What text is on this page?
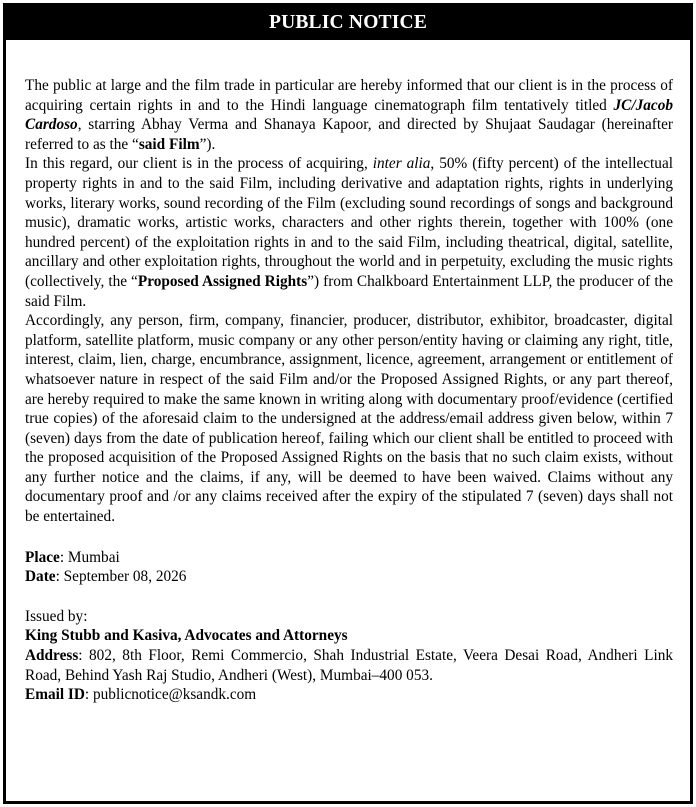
PUBLIC NOTICE

The public at large and the film trade in particular are hereby informed that our client is in the process of acquiring certain rights in and to the Hindi language cinematograph film tentatively titled JC/Jacob Cardoso, starring Abhay Verma and Shanaya Kapoor, and directed by Shujaat Saudagar (hereinafter referred to as the “said Film”).

In this regard, our client is in the process of acquiring, inter alia, 50% (fifty percent) of the intellectual property rights in and to the said Film, including derivative and adaptation rights, rights in underlying works, literary works, sound recording of the Film (excluding sound recordings of songs and background music), dramatic works, artistic works, characters and other rights therein, together with 100% (one hundred percent) of the exploitation rights in and to the said Film, including theatrical, digital, satellite, ancillary and other exploitation rights, throughout the world and in perpetuity, excluding the music rights (collectively, the “Proposed Assigned Rights”) from Chalkboard Entertainment LLP, the producer of the said Film.

Accordingly, any person, firm, company, financier, producer, distributor, exhibitor, broadcaster, digital platform, satellite platform, music company or any other person/entity having or claiming any right, title, interest, claim, lien, charge, encumbrance, assignment, licence, agreement, arrangement or entitlement of whatsoever nature in respect of the said Film and/or the Proposed Assigned Rights, or any part thereof, are hereby required to make the same known in writing along with documentary proof/evidence (certified true copies) of the aforesaid claim to the undersigned at the address/email address given below, within 7 (seven) days from the date of publication hereof, failing which our client shall be entitled to proceed with the proposed acquisition of the Proposed Assigned Rights on the basis that no such claim exists, without any further notice and the claims, if any, will be deemed to have been waived. Claims without any documentary proof and /or any claims received after the expiry of the stipulated 7 (seven) days shall not be entertained.

Place: Mumbai

Date: September 08, 2026

Issued by:

King Stubb and Kasiva, Advocates and Attorneys

Address: 802, 8th Floor, Remi Commercio, Shah Industrial Estate, Veera Desai Road, Andheri Link Road, Behind Yash Raj Studio, Andheri (West), Mumbai–400 053.

Email ID: publicnotice@ksandk.com
